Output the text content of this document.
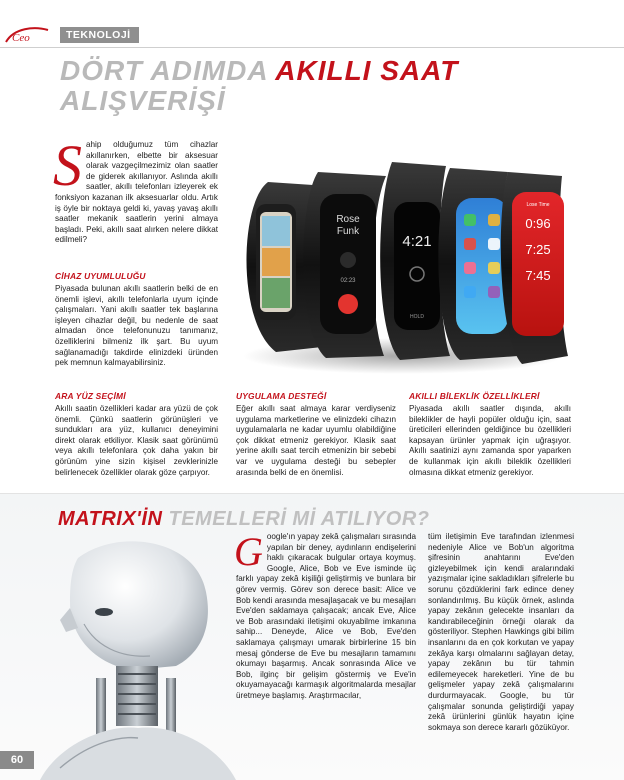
Ceo	TEKNOLOJİ
DÖRT ADIMDA AKILLI SAAT
ALIŞVERİŞİ
S ahip olduğumuz tüm cihazlar akıllanırken, elbette bir aksesuar olarak vazgeçilmezimiz olan saatler de giderek akıllanıyor. Aslında akıllı saatler, akıllı telefonları izleyerek ek fonksiyon kazanan ilk aksesuarlar oldu. Artık iş öyle bir noktaya geldi ki, yavaş yavaş akıllı saatler mekanik saatlerin yerini almaya başladı. Peki, akıllı saat alırken nelere dikkat edilmeli?

CİHAZ UYUMLULUĞU

Piyasada bulunan akıllı saatlerin belki de en önemli işlevi, akıllı telefonlarla uyum içinde çalışmaları. Yani akıllı saatler tek başlarına işleyen cihazlar değil, bu nedenle de saat almadan önce telefonunuzu tanımanız, özelliklerini bilmeniz ilk şart. Bu uyum sağlanamadığı takdirde elinizdeki üründen pek memnun kalmayabilirsiniz.

ARA YÜZ SEÇİMİ

Akıllı saatin özellikleri kadar ara yüzü de çok önemli. Çünkü saatlerin görünüşleri ve sundukları ara yüz, kullanıcı deneyimini direkt olarak etkiliyor. Klasik saat görünümü veya akıllı telefonlara çok daha yakın bir görünüm yine sizin kişisel zevklerinizle belirlenecek özellikler olarak göze çarpıyor.

UYGULAMA DESTEĞİ

Eğer akıllı saat almaya karar verdiyseniz uygulama marketlerine ve elinizdeki cihazın uygulamalarla ne kadar uyumlu olabildiğine çok dikkat etmeniz gerekiyor. Klasik saat yerine akıllı saat tercih etmenizin bir sebebi var ve uygulama desteği bu sebepler arasında belki de en önemlisi.

AKILLI BİLEKLİK ÖZELLİKLERİ

Piyasada akıllı saatler dışında, akıllı bileklikler de hayli popüler olduğu için, saat üreticileri ellerinden geldiğince bu özellikleri kapsayan ürünler yapmak için uğraşıyor. Akıllı saatinizi aynı zamanda spor yaparken de kullanmak için akıllı bileklik özellikleri olmasına dikkat etmeniz gerekiyor.

Rose
Funk
02:23
4:21
HOLD
Lose Time
0:96
7:25
7:45
MATRIX'İN TEMELLERİ Mİ ATILIYOR?
G oogle'ın yapay zekâ çalışmaları sırasında yapılan bir deney, aydınların endişelerini haklı çıkaracak bulgular ortaya koymuş. Google, Alice, Bob ve Eve isminde üç farklı yapay zekâ kişiliği geliştirmiş ve bunlara bir görev vermiş. Görev son derece basit: Alice ve Bob kendi arasında mesajlaşacak ve bu mesajları Eve'den saklamaya çalışacak; ancak Eve, Alice ve Bob arasındaki iletişimi okuyabilme imkanına sahip... Deneyde, Alice ve Bob, Eve'den saklamaya çalışmayı umarak birbirlerine 15 bin mesaj gönderse de Eve bu mesajların tamamını okumayı başarmış. Ancak sonrasında Alice ve Bob, ilginç bir gelişim göstermiş ve Eve'in okuyamayacağı karmaşık algoritmalarda mesajlar üretmeye başlamış. Araştırmacılar,

tüm iletişimin Eve tarafından izlenmesi nedeniyle Alice ve Bob'un algoritma şifresinin anahtarını Eve'den gizleyebilmek için kendi aralarındaki yazışmalar içine sakladıkları şifrelerle bu sorunu çözdüklerini fark edince deney sonlandırılmış. Bu küçük örnek, aslında yapay zekânın gelecekte insanları da kandırabileceğinin örneği olarak da gösteriliyor. Stephen Hawkings gibi bilim insanlarını da en çok korkutan ve yapay zekâya karşı olmalarını sağlayan detay, yapay zekânın bu tür tahmin edilemeyecek hareketleri. Yine de bu gelişmeler yapay zekâ çalışmalarını durdurmayacak. Google, bu tür çalışmalar sonunda geliştirdiği yapay zekâ ürünlerini günlük hayatın içine sokmaya son derece kararlı gözüküyor.

60
